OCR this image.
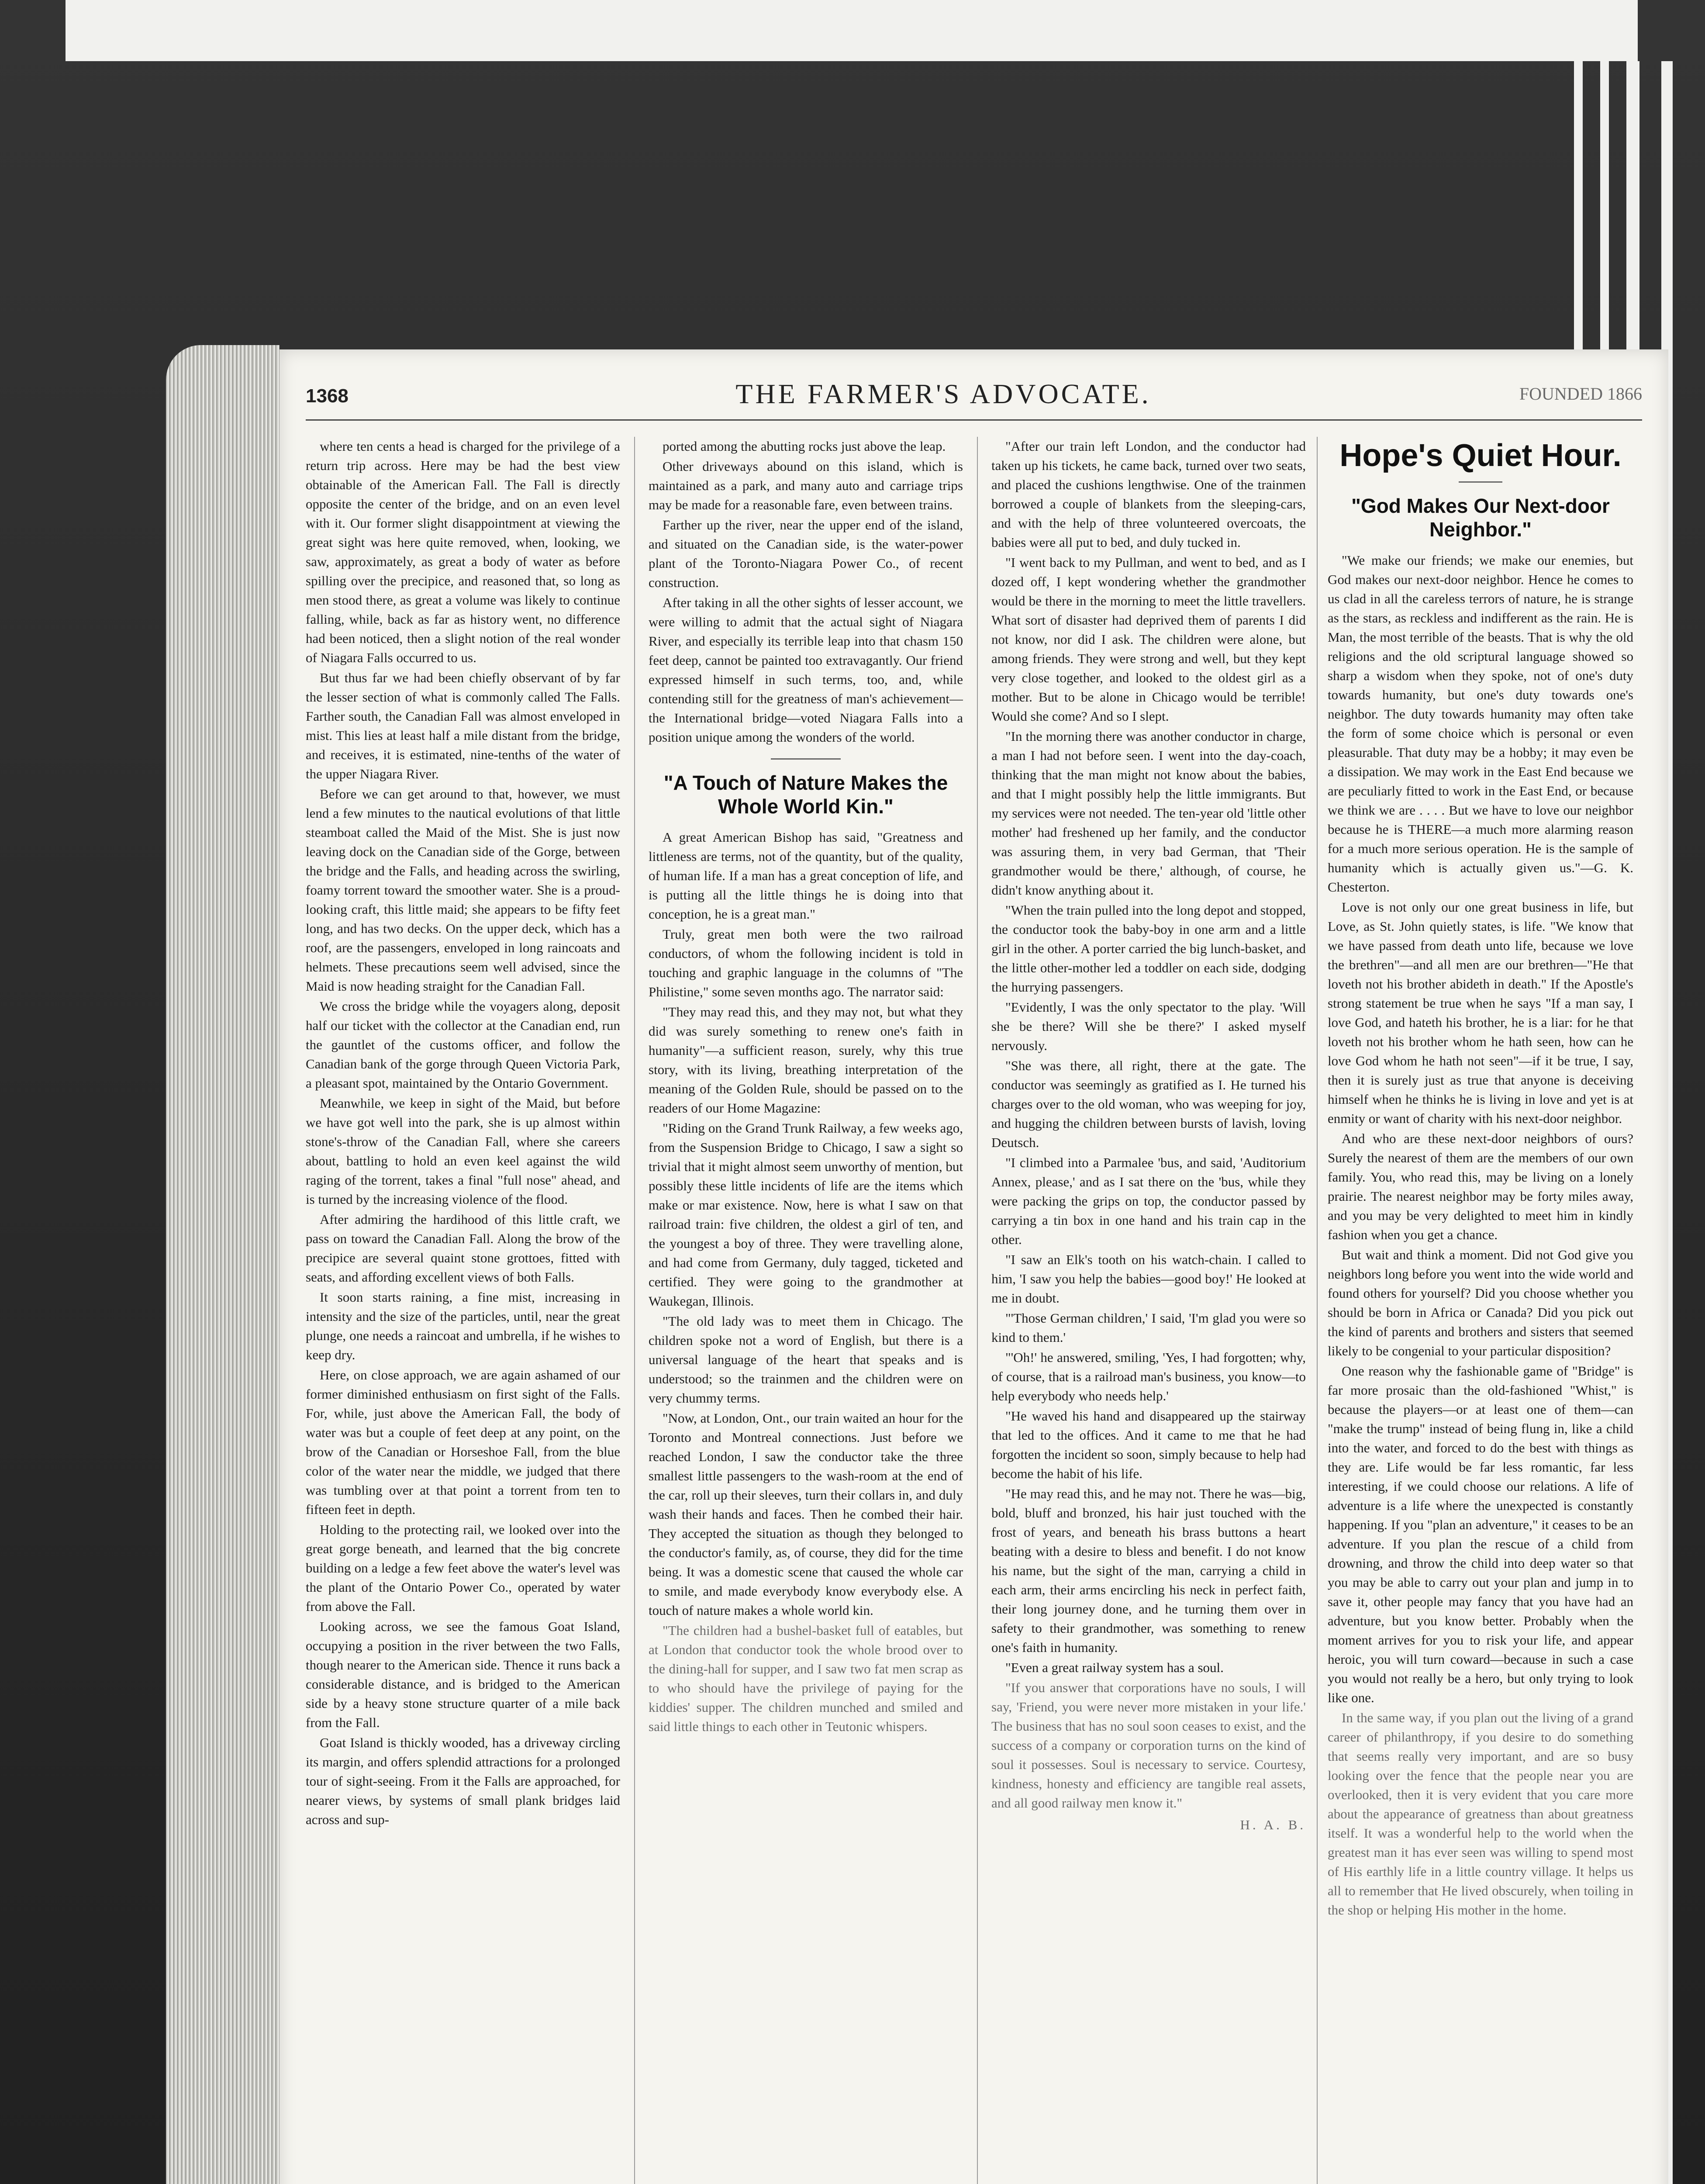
1368	THE FARMER'S ADVOCATE.	FOUNDED 1866

where ten cents a head is charged for the privilege of a return trip across. Here may be had the best view obtainable of the American Fall. The Fall is directly opposite the center of the bridge, and on an even level with it. Our former slight disappointment at viewing the great sight was here quite removed, when, looking, we saw, approximately, as great a body of water as before spilling over the precipice, and reasoned that, so long as men stood there, as great a volume was likely to continue falling, while, back as far as history went, no difference had been noticed, then a slight notion of the real wonder of Niagara Falls occurred to us.

But thus far we had been chiefly observant of by far the lesser section of what is commonly called The Falls. Farther south, the Canadian Fall was almost enveloped in mist. This lies at least half a mile distant from the bridge, and receives, it is estimated, nine-tenths of the water of the upper Niagara River.

Before we can get around to that, however, we must lend a few minutes to the nautical evolutions of that little steamboat called the Maid of the Mist. She is just now leaving dock on the Canadian side of the Gorge, between the bridge and the Falls, and heading across the swirling, foamy torrent toward the smoother water. She is a proud-looking craft, this little maid; she appears to be fifty feet long, and has two decks. On the upper deck, which has a roof, are the passengers, enveloped in long raincoats and helmets. These precautions seem well advised, since the Maid is now heading straight for the Canadian Fall.

We cross the bridge while the voyagers along, deposit half our ticket with the collector at the Canadian end, run the gauntlet of the customs officer, and follow the Canadian bank of the gorge through Queen Victoria Park, a pleasant spot, maintained by the Ontario Government.

Meanwhile, we keep in sight of the Maid, but before we have got well into the park, she is up almost within stone's-throw of the Canadian Fall, where she careers about, battling to hold an even keel against the wild raging of the torrent, takes a final "full nose" ahead, and is turned by the increasing violence of the flood.

After admiring the hardihood of this little craft, we pass on toward the Canadian Fall. Along the brow of the precipice are several quaint stone grottoes, fitted with seats, and affording excellent views of both Falls.

It soon starts raining, a fine mist, increasing in intensity and the size of the particles, until, near the great plunge, one needs a raincoat and umbrella, if he wishes to keep dry.

Here, on close approach, we are again ashamed of our former diminished enthusiasm on first sight of the Falls. For, while, just above the American Fall, the body of water was but a couple of feet deep at any point, on the brow of the Canadian or Horseshoe Fall, from the blue color of the water near the middle, we judged that there was tumbling over at that point a torrent from ten to fifteen feet in depth.

Holding to the protecting rail, we looked over into the great gorge beneath, and learned that the big concrete building on a ledge a few feet above the water's level was the plant of the Ontario Power Co., operated by water from above the Fall.

Looking across, we see the famous Goat Island, occupying a position in the river between the two Falls, though nearer to the American side. Thence it runs back a considerable distance, and is bridged to the American side by a heavy stone structure quarter of a mile back from the Fall.

Goat Island is thickly wooded, has a driveway circling its margin, and offers splendid attractions for a prolonged tour of sight-seeing. From it the Falls are approached, for nearer views, by systems of small plank bridges laid across and sup-

ported among the abutting rocks just above the leap.

Other driveways abound on this island, which is maintained as a park, and many auto and carriage trips may be made for a reasonable fare, even between trains.

Farther up the river, near the upper end of the island, and situated on the Canadian side, is the water-power plant of the Toronto-Niagara Power Co., of recent construction.

After taking in all the other sights of lesser account, we were willing to admit that the actual sight of Niagara River, and especially its terrible leap into that chasm 150 feet deep, cannot be painted too extravagantly. Our friend expressed himself in such terms, too, and, while contending still for the greatness of man's achievement—the International bridge—voted Niagara Falls into a position unique among the wonders of the world.

"A Touch of Nature Makes the Whole World Kin."

A great American Bishop has said, "Greatness and littleness are terms, not of the quantity, but of the quality, of human life. If a man has a great conception of life, and is putting all the little things he is doing into that conception, he is a great man."

Truly, great men both were the two railroad conductors, of whom the following incident is told in touching and graphic language in the columns of "The Philistine," some seven months ago. The narrator said:

"They may read this, and they may not, but what they did was surely something to renew one's faith in humanity"—a sufficient reason, surely, why this true story, with its living, breathing interpretation of the meaning of the Golden Rule, should be passed on to the readers of our Home Magazine:

"Riding on the Grand Trunk Railway, a few weeks ago, from the Suspension Bridge to Chicago, I saw a sight so trivial that it might almost seem unworthy of mention, but possibly these little incidents of life are the items which make or mar existence. Now, here is what I saw on that railroad train: five children, the oldest a girl of ten, and the youngest a boy of three. They were travelling alone, and had come from Germany, duly tagged, ticketed and certified. They were going to the grandmother at Waukegan, Illinois.

"The old lady was to meet them in Chicago. The children spoke not a word of English, but there is a universal language of the heart that speaks and is understood; so the trainmen and the children were on very chummy terms.

"Now, at London, Ont., our train waited an hour for the Toronto and Montreal connections. Just before we reached London, I saw the conductor take the three smallest little passengers to the wash-room at the end of the car, roll up their sleeves, turn their collars in, and duly wash their hands and faces. Then he combed their hair. They accepted the situation as though they belonged to the conductor's family, as, of course, they did for the time being. It was a domestic scene that caused the whole car to smile, and made everybody know everybody else. A touch of nature makes a whole world kin.

"The children had a bushel-basket full of eatables, but at London that conductor took the whole brood over to the dining-hall for supper, and I saw two fat men scrap as to who should have the privilege of paying for the kiddies' supper. The children munched and smiled and said little things to each other in Teutonic whispers.

"After our train left London, and the conductor had taken up his tickets, he came back, turned over two seats, and placed the cushions lengthwise. One of the trainmen borrowed a couple of blankets from the sleeping-cars, and with the help of three volunteered overcoats, the babies were all put to bed, and duly tucked in.

"I went back to my Pullman, and went to bed, and as I dozed off, I kept wondering whether the grandmother would be there in the morning to meet the little travellers. What sort of disaster had deprived them of parents I did not know, nor did I ask. The children were alone, but among friends. They were strong and well, but they kept very close together, and looked to the oldest girl as a mother. But to be alone in Chicago would be terrible! Would she come? And so I slept.

"In the morning there was another conductor in charge, a man I had not before seen. I went into the day-coach, thinking that the man might not know about the babies, and that I might possibly help the little immigrants. But my services were not needed. The ten-year old 'little other mother' had freshened up her family, and the conductor was assuring them, in very bad German, that 'Their grandmother would be there,' although, of course, he didn't know anything about it.

"When the train pulled into the long depot and stopped, the conductor took the baby-boy in one arm and a little girl in the other. A porter carried the big lunch-basket, and the little other-mother led a toddler on each side, dodging the hurrying passengers.

"Evidently, I was the only spectator to the play. 'Will she be there? Will she be there?' I asked myself nervously.

"She was there, all right, there at the gate. The conductor was seemingly as gratified as I. He turned his charges over to the old woman, who was weeping for joy, and hugging the children between bursts of lavish, loving Deutsch.

"I climbed into a Parmalee 'bus, and said, 'Auditorium Annex, please,' and as I sat there on the 'bus, while they were packing the grips on top, the conductor passed by carrying a tin box in one hand and his train cap in the other.

"I saw an Elk's tooth on his watch-chain. I called to him, 'I saw you help the babies—good boy!' He looked at me in doubt.

"'Those German children,' I said, 'I'm glad you were so kind to them.'

"'Oh!' he answered, smiling, 'Yes, I had forgotten; why, of course, that is a railroad man's business, you know—to help everybody who needs help.'

"He waved his hand and disappeared up the stairway that led to the offices. And it came to me that he had forgotten the incident so soon, simply because to help had become the habit of his life.

"He may read this, and he may not. There he was—big, bold, bluff and bronzed, his hair just touched with the frost of years, and beneath his brass buttons a heart beating with a desire to bless and benefit. I do not know his name, but the sight of the man, carrying a child in each arm, their arms encircling his neck in perfect faith, their long journey done, and he turning them over in safety to their grandmother, was something to renew one's faith in humanity.

"Even a great railway system has a soul.

"If you answer that corporations have no souls, I will say, 'Friend, you were never more mistaken in your life.' The business that has no soul soon ceases to exist, and the success of a company or corporation turns on the kind of soul it possesses. Soul is necessary to service. Courtesy, kindness, honesty and efficiency are tangible real assets, and all good railway men know it."

H. A. B.
Hope's Quiet Hour.
"God Makes Our Next-door Neighbor."

"We make our friends; we make our enemies, but God makes our next-door neighbor. Hence he comes to us clad in all the careless terrors of nature, he is strange as the stars, as reckless and indifferent as the rain. He is Man, the most terrible of the beasts. That is why the old religions and the old scriptural language showed so sharp a wisdom when they spoke, not of one's duty towards humanity, but one's duty towards one's neighbor. The duty towards humanity may often take the form of some choice which is personal or even pleasurable. That duty may be a hobby; it may even be a dissipation. We may work in the East End because we are peculiarly fitted to work in the East End, or because we think we are . . . . But we have to love our neighbor because he is THERE—a much more alarming reason for a much more serious operation. He is the sample of humanity which is actually given us."—G. K. Chesterton.

Love is not only our one great business in life, but Love, as St. John quietly states, is life. "We know that we have passed from death unto life, because we love the brethren"—and all men are our brethren—"He that loveth not his brother abideth in death." If the Apostle's strong statement be true when he says "If a man say, I love God, and hateth his brother, he is a liar: for he that loveth not his brother whom he hath seen, how can he love God whom he hath not seen"—if it be true, I say, then it is surely just as true that anyone is deceiving himself when he thinks he is living in love and yet is at enmity or want of charity with his next-door neighbor.

And who are these next-door neighbors of ours? Surely the nearest of them are the members of our own family. You, who read this, may be living on a lonely prairie. The nearest neighbor may be forty miles away, and you may be very delighted to meet him in kindly fashion when you get a chance.

But wait and think a moment. Did not God give you neighbors long before you went into the wide world and found others for yourself? Did you choose whether you should be born in Africa or Canada? Did you pick out the kind of parents and brothers and sisters that seemed likely to be congenial to your particular disposition?

One reason why the fashionable game of "Bridge" is far more prosaic than the old-fashioned "Whist," is because the players—or at least one of them—can "make the trump" instead of being flung in, like a child into the water, and forced to do the best with things as they are. Life would be far less romantic, far less interesting, if we could choose our relations. A life of adventure is a life where the unexpected is constantly happening. If you "plan an adventure," it ceases to be an adventure. If you plan the rescue of a child from drowning, and throw the child into deep water so that you may be able to carry out your plan and jump in to save it, other people may fancy that you have had an adventure, but you know better. Probably when the moment arrives for you to risk your life, and appear heroic, you will turn coward—because in such a case you would not really be a hero, but only trying to look like one.

In the same way, if you plan out the living of a grand career of philanthropy, if you desire to do something that seems really very important, and are so busy looking over the fence that the people near you are overlooked, then it is very evident that you care more about the appearance of greatness than about greatness itself. It was a wonderful help to the world when the greatest man it has ever seen was willing to spend most of His earthly life in a little country village. It helps us all to remember that He lived obscurely, when toiling in the shop or helping His mother in the home.
